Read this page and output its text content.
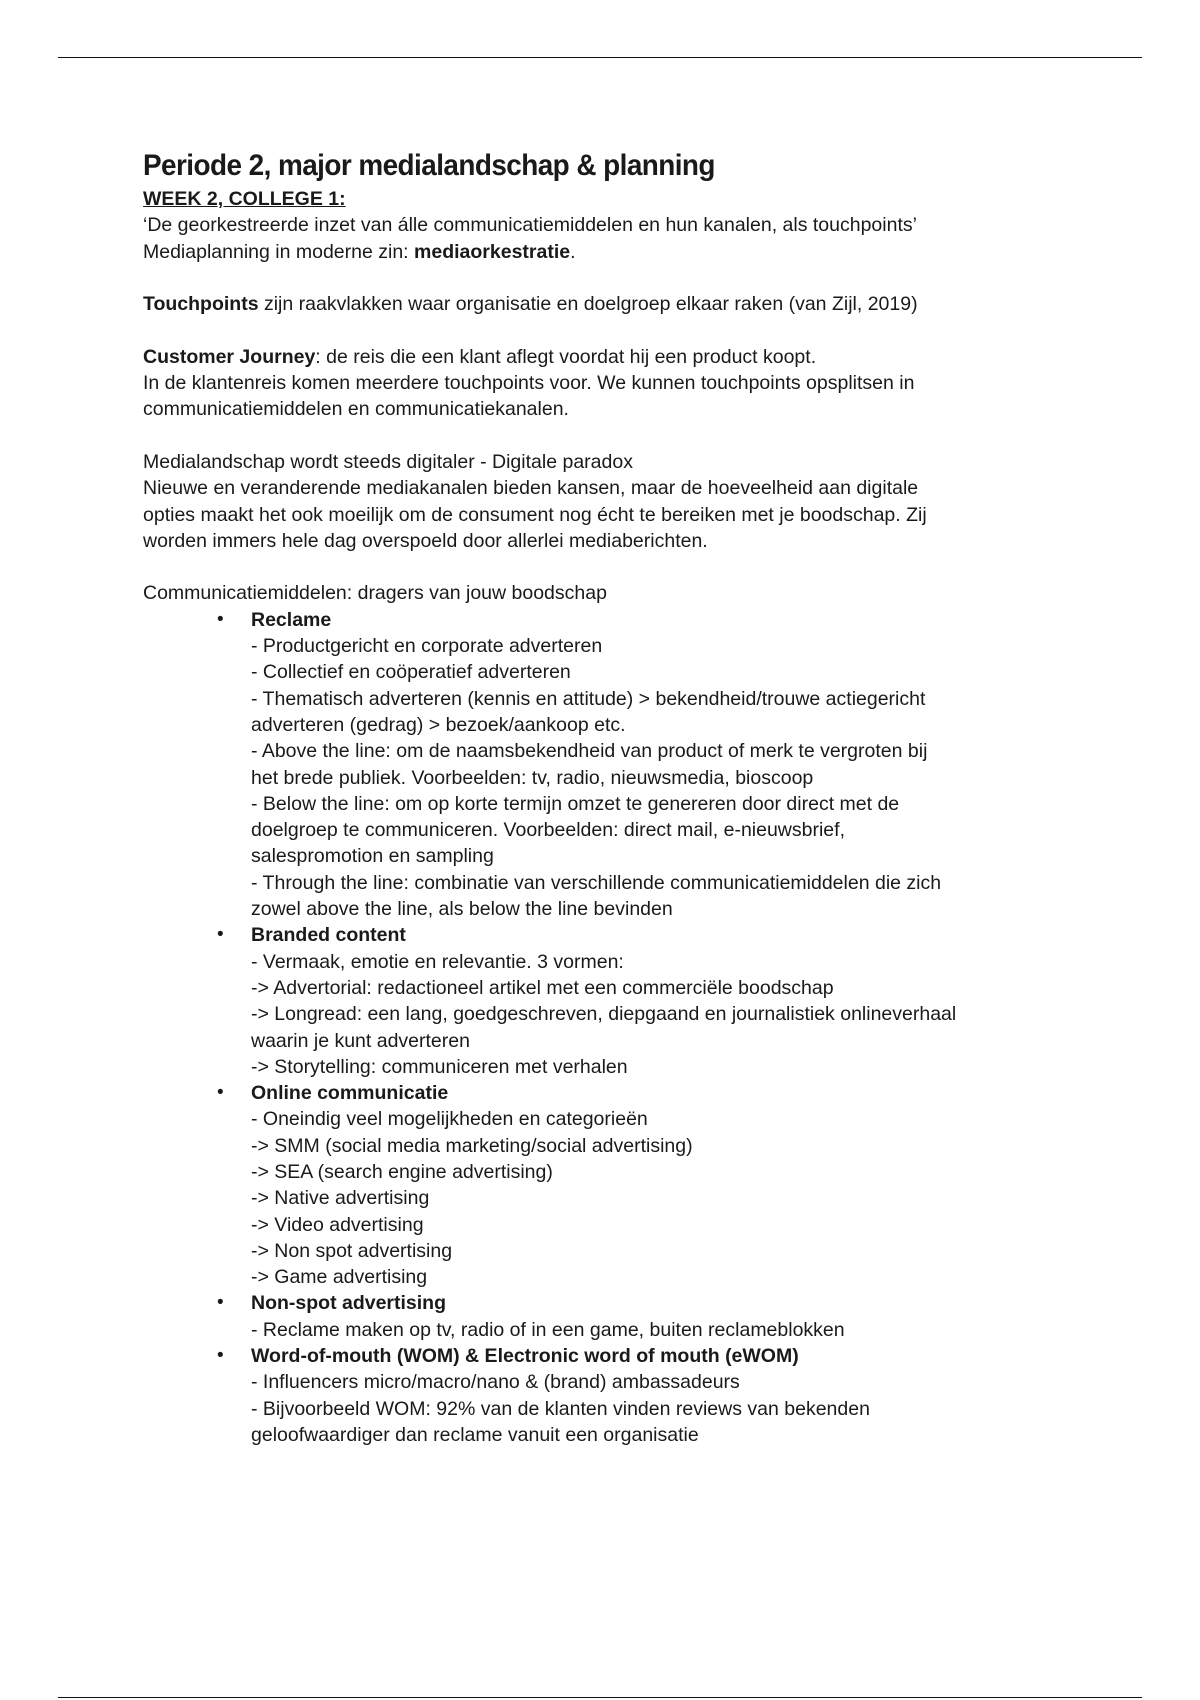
Periode 2, major medialandschap & planning

WEEK 2, COLLEGE 1:

‘De georkestreerde inzet van álle communicatiemiddelen en hun kanalen, als touchpoints’

Mediaplanning in moderne zin: mediaorkestratie.

Touchpoints zijn raakvlakken waar organisatie en doelgroep elkaar raken (van Zijl, 2019)

Customer Journey: de reis die een klant aflegt voordat hij een product koopt.

In de klantenreis komen meerdere touchpoints voor. We kunnen touchpoints opsplitsen in

communicatiemiddelen en communicatiekanalen.

Medialandschap wordt steeds digitaler - Digitale paradox

Nieuwe en veranderende mediakanalen bieden kansen, maar de hoeveelheid aan digitale

opties maakt het ook moeilijk om de consument nog écht te bereiken met je boodschap. Zij

worden immers hele dag overspoeld door allerlei mediaberichten.

Communicatiemiddelen: dragers van jouw boodschap

• Reclame
- Productgericht en corporate adverteren
- Collectief en coöperatief adverteren
- Thematisch adverteren (kennis en attitude) > bekendheid/trouwe actiegericht
adverteren (gedrag) > bezoek/aankoop etc.
- Above the line: om de naamsbekendheid van product of merk te vergroten bij
het brede publiek. Voorbeelden: tv, radio, nieuwsmedia, bioscoop
- Below the line: om op korte termijn omzet te genereren door direct met de
doelgroep te communiceren. Voorbeelden: direct mail, e-nieuwsbrief,
salespromotion en sampling
- Through the line: combinatie van verschillende communicatiemiddelen die zich
zowel above the line, als below the line bevinden
• Branded content
- Vermaak, emotie en relevantie. 3 vormen:
-> Advertorial: redactioneel artikel met een commerciële boodschap
-> Longread: een lang, goedgeschreven, diepgaand en journalistiek onlineverhaal
waarin je kunt adverteren
-> Storytelling: communiceren met verhalen
• Online communicatie
- Oneindig veel mogelijkheden en categorieën
-> SMM (social media marketing/social advertising)
-> SEA (search engine advertising)
-> Native advertising
-> Video advertising
-> Non spot advertising
-> Game advertising
• Non-spot advertising
- Reclame maken op tv, radio of in een game, buiten reclameblokken
• Word-of-mouth (WOM) & Electronic word of mouth (eWOM)
- Influencers micro/macro/nano & (brand) ambassadeurs
- Bijvoorbeeld WOM: 92% van de klanten vinden reviews van bekenden
geloofwaardiger dan reclame vanuit een organisatie
